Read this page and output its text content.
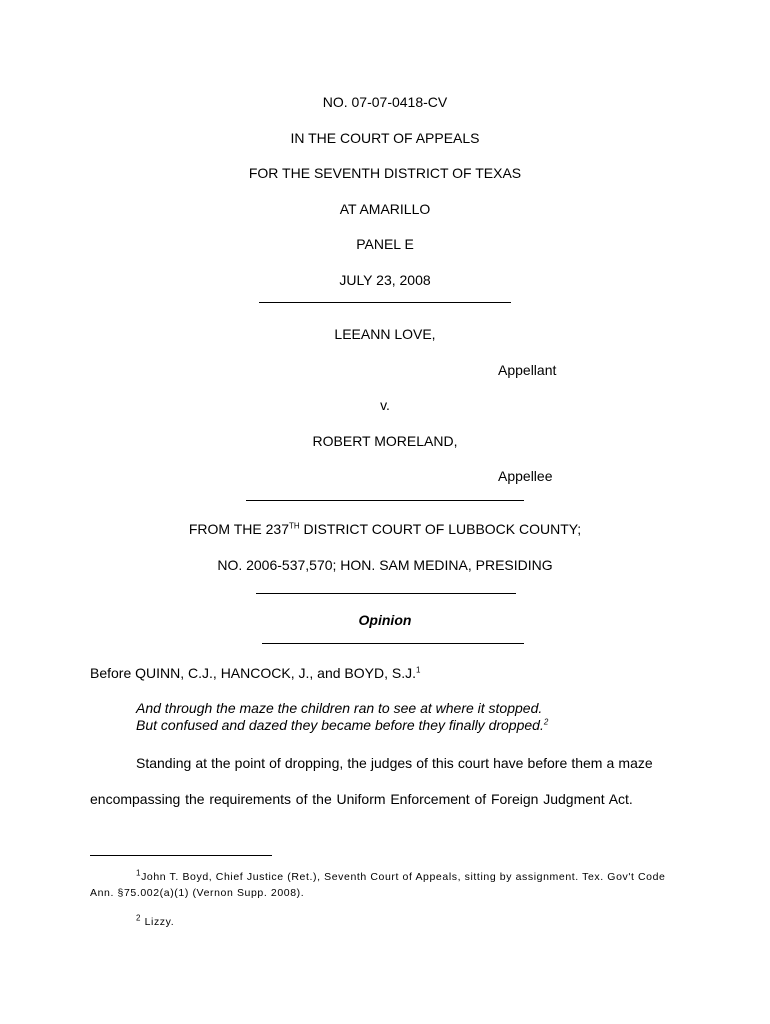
NO. 07-07-0418-CV
IN THE COURT OF APPEALS
FOR THE SEVENTH DISTRICT OF TEXAS
AT AMARILLO
PANEL E
JULY 23, 2008
LEEANN LOVE,
Appellant
v.
ROBERT MORELAND,
Appellee
FROM THE 237TH DISTRICT COURT OF LUBBOCK COUNTY;
NO. 2006-537,570; HON. SAM MEDINA, PRESIDING
Opinion
Before QUINN, C.J., HANCOCK, J., and BOYD, S.J.$^1$
And through the maze the children ran to see at where it stopped.
But confused and dazed they became before they finally dropped.$^2$
Standing at the point of dropping, the judges of this court have before them a maze
encompassing the requirements of the Uniform Enforcement of Foreign Judgment Act.
$^1$John T. Boyd, Chief Justice (Ret.), Seventh Court of Appeals, sitting by assignment. Tex. Gov't Code
Ann. §75.002(a)(1) (Vernon Supp. 2008).
$^2$ Lizzy.
